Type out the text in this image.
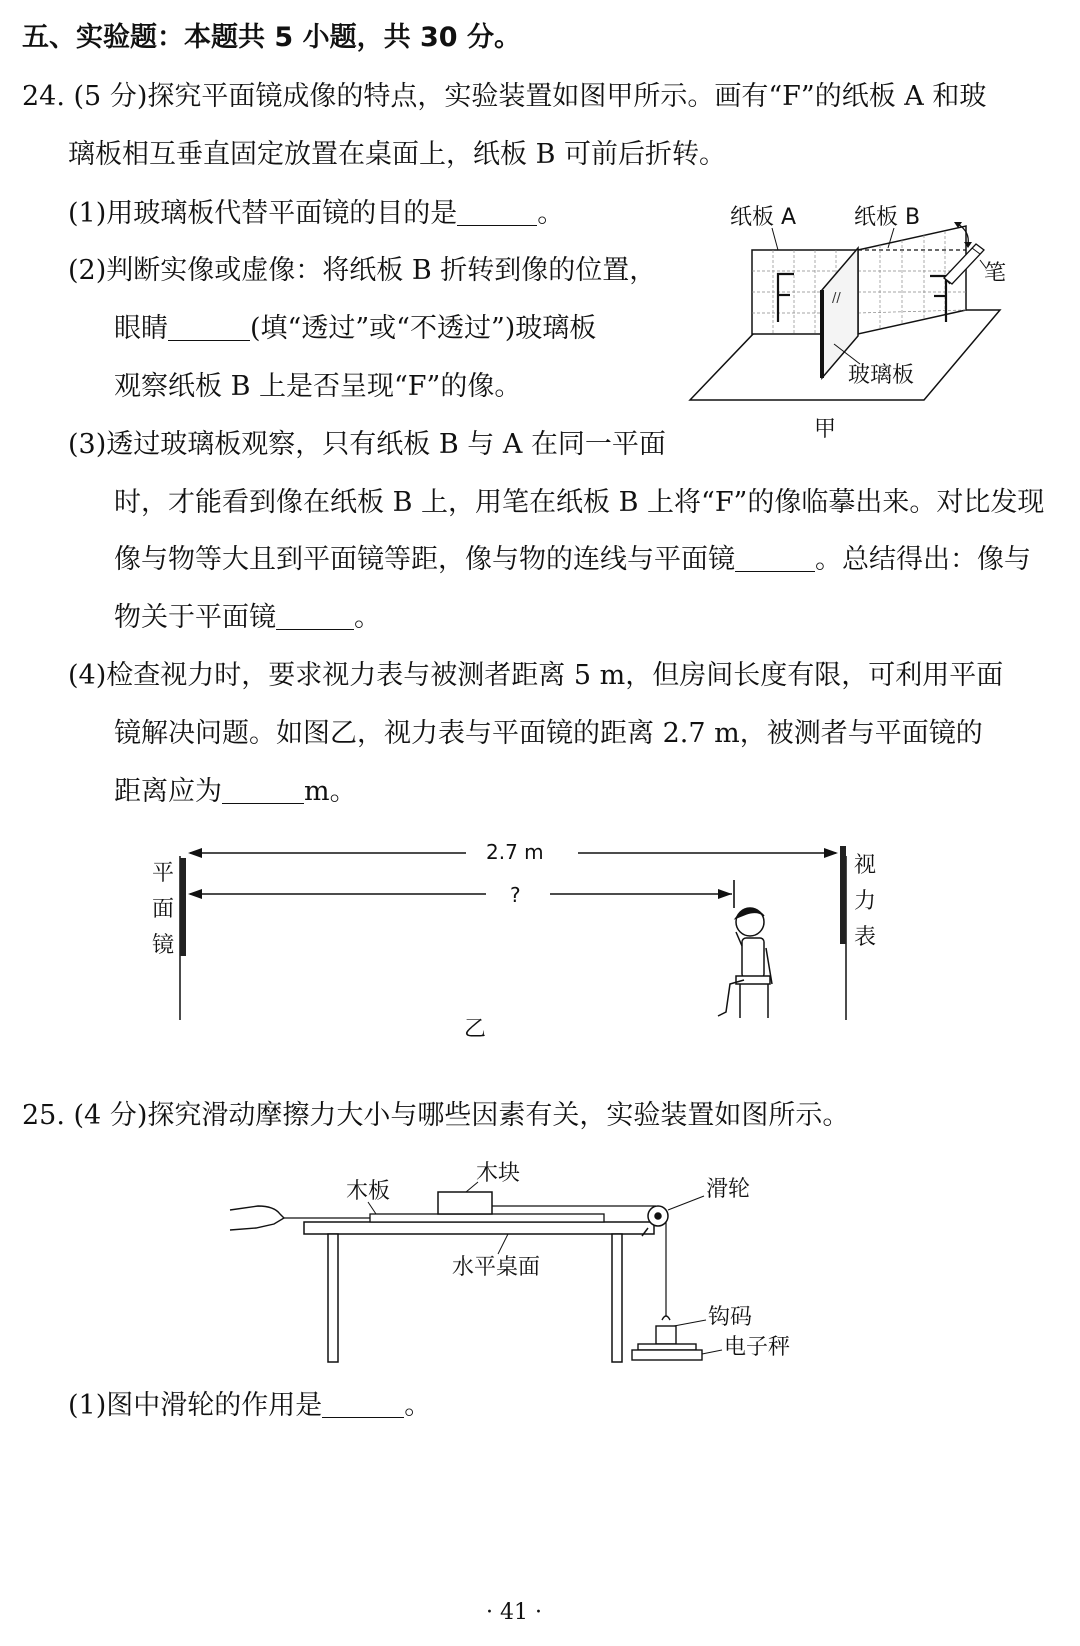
五、实验题：本题共 5 小题，共 30 分。
24. (5 分)探究平面镜成像的特点，实验装置如图甲所示。画有“F”的纸板 A 和玻
璃板相互垂直固定放置在桌面上，纸板 B 可前后折转。
(1)用玻璃板代替平面镜的目的是	。
(2)判断实像或虚像：将纸板 B 折转到像的位置，
眼睛	(填“透过”或“不透过”)玻璃板
观察纸板 B 上是否呈现“F”的像。
(3)透过玻璃板观察，只有纸板 B 与 A 在同一平面
时，才能看到像在纸板 B 上，用笔在纸板 B 上将“F”的像临摹出来。对比发现
像与物等大且到平面镜等距，像与物的连线与平面镜	。总结得出：像与
物关于平面镜	。
(4)检查视力时，要求视力表与被测者距离 5 m，但房间长度有限，可利用平面
镜解决问题。如图乙，视力表与平面镜的距离 2.7 m，被测者与平面镜的
距离应为	m。
//
纸板 A	纸板 B
笔
玻璃板
甲
平
面
镜
视
力
表
2.7 m
?
乙
25. (4 分)探究滑动摩擦力大小与哪些因素有关，实验装置如图所示。
木板
木块
滑轮
水平桌面
钩码
电子秤
(1)图中滑轮的作用是	。
· 41 ·
